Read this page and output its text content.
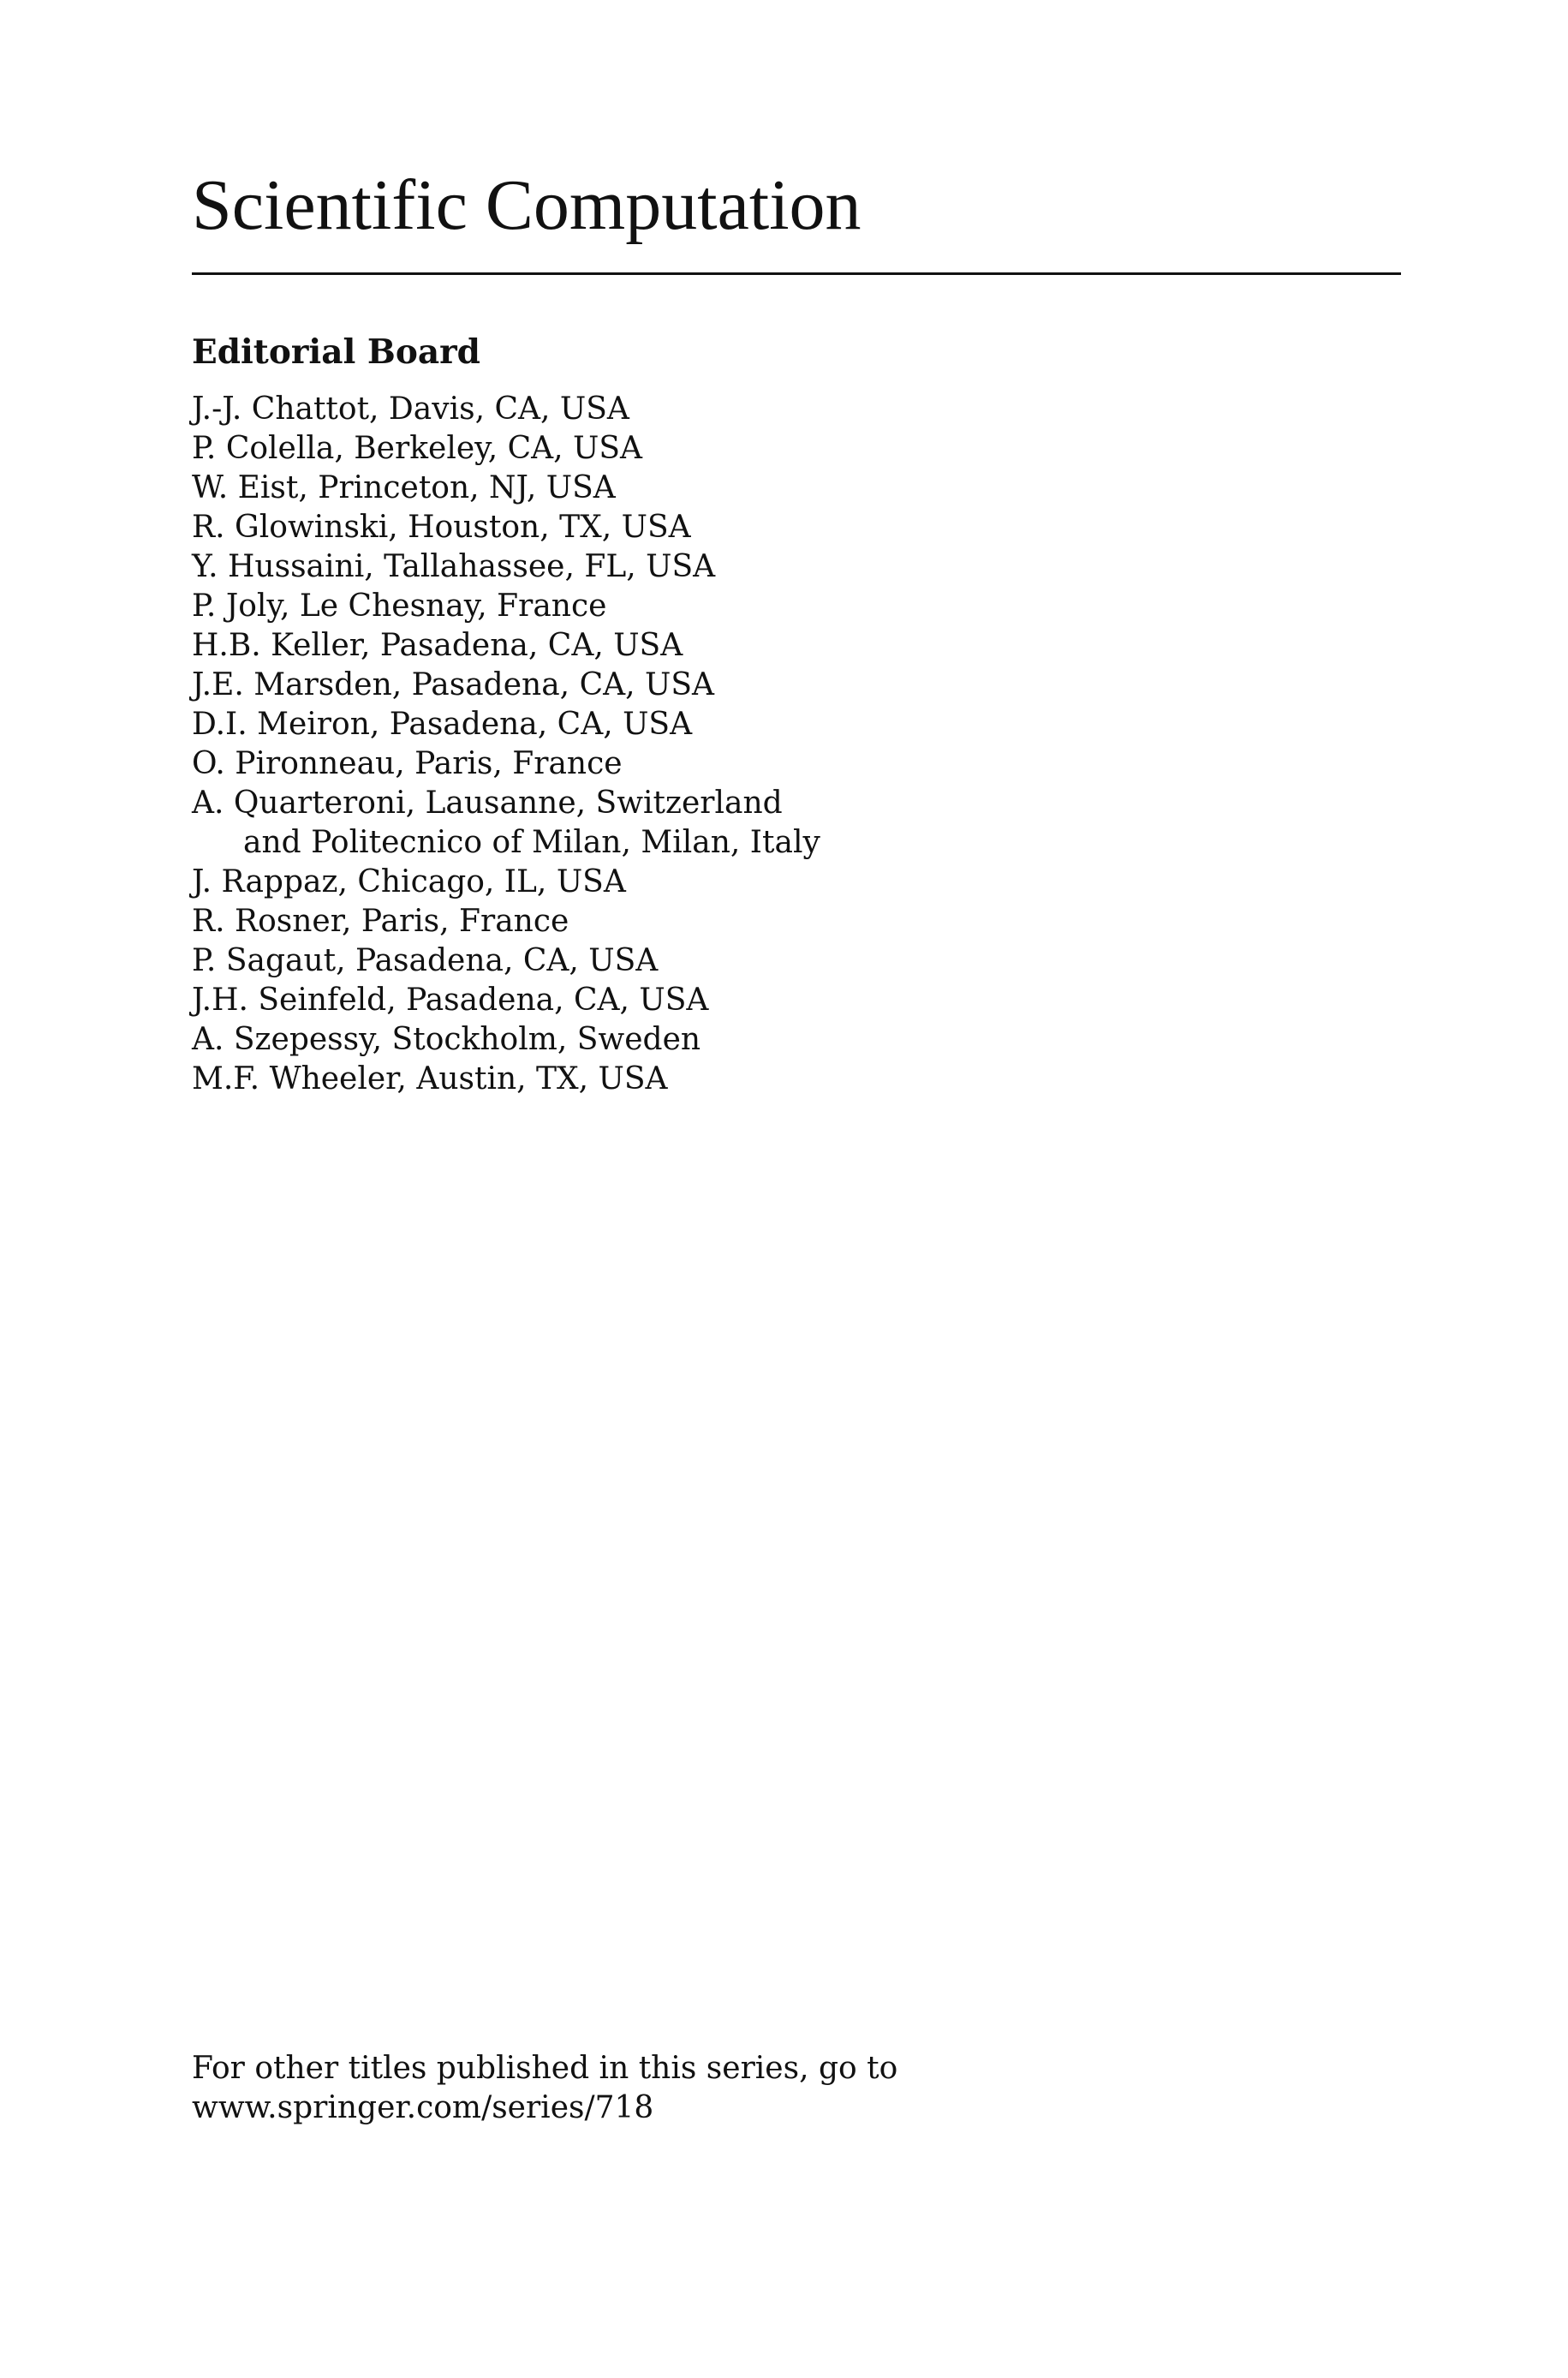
Scientific Computation
Editorial Board
J.-J. Chattot, Davis, CA, USA
P. Colella, Berkeley, CA, USA
W. Eist, Princeton, NJ, USA
R. Glowinski, Houston, TX, USA
Y. Hussaini, Tallahassee, FL, USA
P. Joly, Le Chesnay, France
H.B. Keller, Pasadena, CA, USA
J.E. Marsden, Pasadena, CA, USA
D.I. Meiron, Pasadena, CA, USA
O. Pironneau, Paris, France
A. Quarteroni, Lausanne, Switzerland
and Politecnico of Milan, Milan, Italy
J. Rappaz, Chicago, IL, USA
R. Rosner, Paris, France
P. Sagaut, Pasadena, CA, USA
J.H. Seinfeld, Pasadena, CA, USA
A. Szepessy, Stockholm, Sweden
M.F. Wheeler, Austin, TX, USA

For other titles published in this series, go to
www.springer.com/series/718
